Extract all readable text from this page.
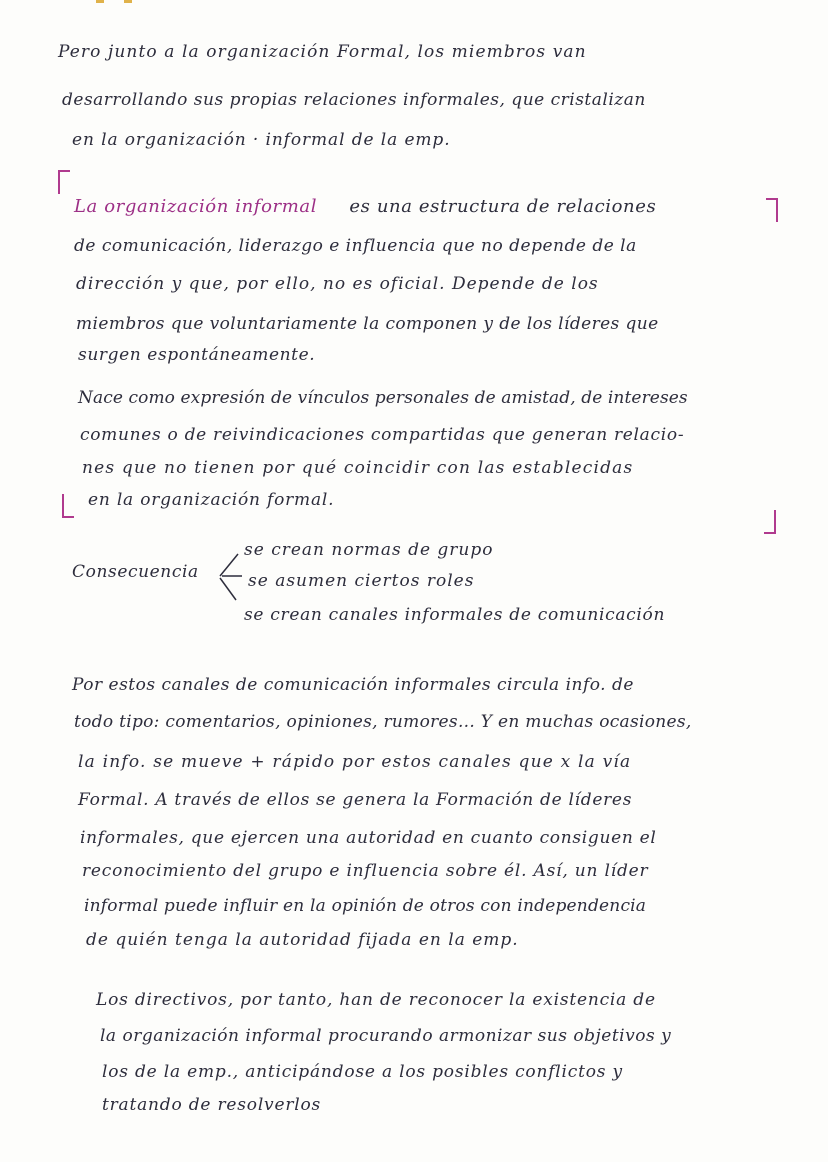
Pero junto a la organización Formal, los miembros van
desarrollando sus propias relaciones informales, que cristalizan
en la organización · informal de la emp.
La organización informal es una estructura de relaciones
de comunicación, liderazgo e influencia que no depende de la
dirección y que, por ello, no es oficial. Depende de los
miembros que voluntariamente la componen y de los líderes que
surgen espontáneamente.
Nace como expresión de vínculos personales de amistad, de intereses
comunes o de reivindicaciones compartidas que generan relacio-
nes que no tienen por qué coincidir con las establecidas
en la organización formal.
Consecuencia
se crean normas de grupo
se asumen ciertos roles
se crean canales informales de comunicación
Por estos canales de comunicación informales circula info. de
todo tipo: comentarios, opiniones, rumores... Y en muchas ocasiones,
la info. se mueve + rápido por estos canales que x la vía
Formal. A través de ellos se genera la Formación de líderes
informales, que ejercen una autoridad en cuanto consiguen el
reconocimiento del grupo e influencia sobre él. Así, un líder
informal puede influir en la opinión de otros con independencia
de quién tenga la autoridad fijada en la emp.
Los directivos, por tanto, han de reconocer la existencia de
la organización informal procurando armonizar sus objetivos y
los de la emp., anticipándose a los posibles conflictos y
tratando de resolverlos
